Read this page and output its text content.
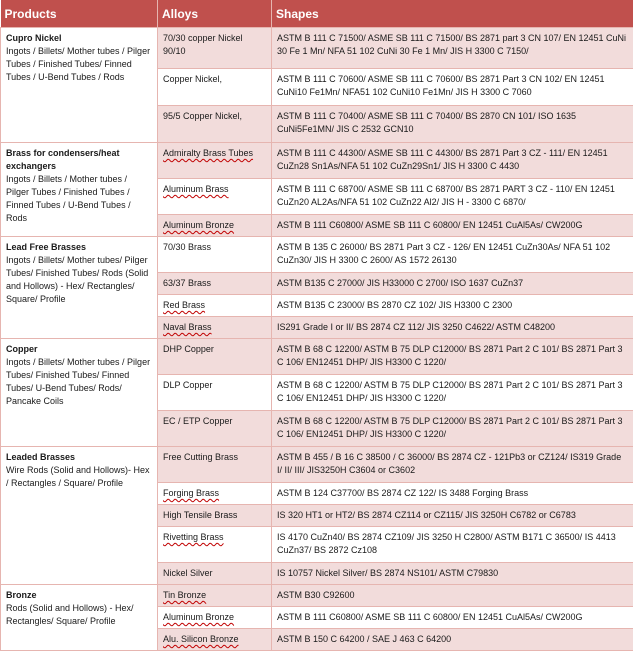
Products	Alloys	Shapes

Cupro Nickel
Ingots / Billets/ Mother tubes / Pilger Tubes / Finished Tubes/ Finned Tubes / U-Bend Tubes / Rods	70/30 copper Nickel 90/10	ASTM B 111 C 71500/ ASME SB 111 C 71500/ BS 2871 part 3 CN 107/ EN 12451 CuNi 30 Fe 1 Mn/ NFA 51 102 CuNi 30 Fe 1 Mn/ JIS H 3300 C 7150/
	Copper Nickel,	ASTM B 111 C 70600/ ASME SB 111 C 70600/ BS 2871 Part 3 CN 102/ EN 12451 CuNi10 Fe1Mn/ NFA51 102 CuNi10 Fe1Mn/ JIS H 3300 C 7060
	95/5 Copper Nickel,	ASTM B 111 C 70400/ ASME SB 111 C 70400/ BS 2870 CN 101/ ISO 1635 CuNi5Fe1MN/ JIS C 2532 GCN10

Brass for condensers/heat exchangers
Ingots / Billets / Mother tubes / Pilger Tubes / Finished Tubes / Finned Tubes / U-Bend Tubes / Rods	Admiralty Brass Tubes	ASTM B 111 C 44300/ ASME SB 111 C 44300/ BS 2871 Part 3 CZ - 111/ EN 12451 CuZn28 Sn1As/NFA 51 102 CuZn29Sn1/ JIS H 3300 C 4430
	Aluminum Brass	ASTM B 111 C 68700/ ASME SB 111 C 68700/ BS 2871 PART 3 CZ - 110/ EN 12451 CuZn20 AL2As/NFA 51 102 CuZn22 Al2/ JIS H - 3300 C 6870/
	Aluminum Bronze	ASTM B 111 C60800/ ASME SB 111 C 60800/ EN 12451 CuAl5As/ CW200G

Lead Free Brasses
Ingots / Billets/ Mother tubes/ Pilger Tubes/ Finished Tubes/ Rods (Solid and Hollows) - Hex/ Rectangles/ Square/ Profile	70/30 Brass	ASTM B 135 C 26000/ BS 2871 Part 3 CZ - 126/ EN 12451 CuZn30As/ NFA 51 102 CuZn30/ JIS H 3300 C 2600/ AS 1572 26130
	63/37 Brass	ASTM B135 C 27000/ JIS H33000 C 2700/ ISO 1637 CuZn37
	Red Brass	ASTM B135 C 23000/ BS 2870 CZ 102/ JIS H3300 C 2300
	Naval Brass	IS291 Grade I or II/ BS 2874 CZ 112/ JIS 3250 C4622/ ASTM C48200

Copper
Ingots / Billets/ Mother tubes / Pilger Tubes/ Finished Tubes/ Finned Tubes/ U-Bend Tubes/ Rods/ Pancake Coils	DHP Copper	ASTM B 68 C 12200/ ASTM B 75 DLP C12000/ BS 2871 Part 2 C 101/ BS 2871 Part 3 C 106/ EN12451 DHP/ JIS H3300 C 1220/
	DLP Copper	ASTM B 68 C 12200/ ASTM B 75 DLP C12000/ BS 2871 Part 2 C 101/ BS 2871 Part 3 C 106/ EN12451 DHP/ JIS H3300 C 1220/
	EC / ETP Copper	ASTM B 68 C 12200/ ASTM B 75 DLP C12000/ BS 2871 Part 2 C 101/ BS 2871 Part 3 C 106/ EN12451 DHP/ JIS H3300 C 1220/

Leaded Brasses
Wire Rods (Solid and Hollows)- Hex / Rectangles / Square/ Profile	Free Cutting Brass	ASTM B 455 / B 16 C 38500 / C 36000/ BS 2874 CZ - 121Pb3 or CZ124/ IS319 Grade I/ II/ III/ JIS3250H C3604 or C3602
	Forging Brass	ASTM B 124 C37700/ BS 2874 CZ 122/ IS 3488 Forging Brass
	High Tensile Brass	IS 320 HT1 or HT2/ BS 2874 CZ114 or CZ115/ JIS 3250H C6782 or C6783
	Rivetting Brass	IS 4170 CuZn40/ BS 2874 CZ109/ JIS 3250 H C2800/ ASTM B171 C 36500/ IS 4413 CuZn37/ BS 2872 Cz108
	Nickel Silver	IS 10757 Nickel Silver/ BS 2874 NS101/ ASTM C79830

Bronze
Rods (Solid and Hollows) - Hex/ Rectangles/ Square/ Profile	Tin Bronze	ASTM B30 C92600
	Aluminum Bronze	ASTM B 111 C60800/ ASME SB 111 C 60800/ EN 12451 CuAl5As/ CW200G
	Alu. Silicon Bronze	ASTM B 150 C 64200 / SAE J 463 C 64200
